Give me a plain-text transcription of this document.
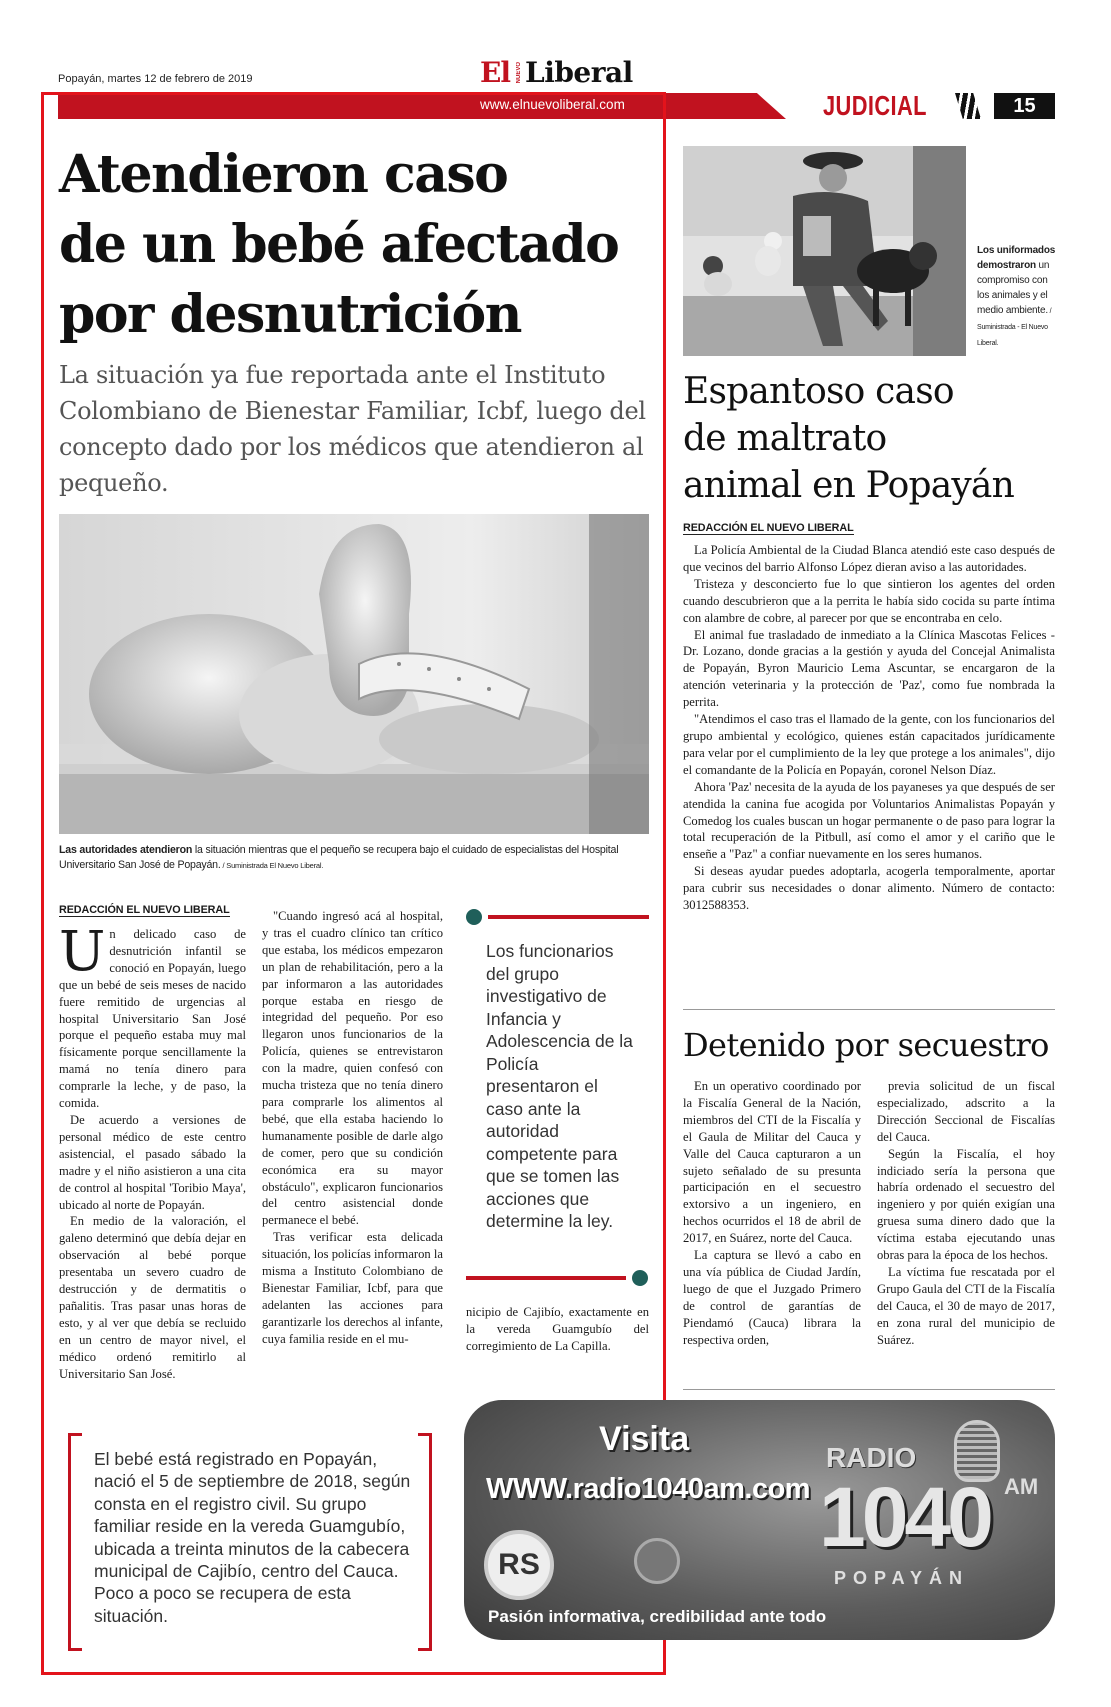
Popayán, martes 12 de febrero de 2019	El NUEVO Liberal
www.elnuevoliberal.com	JUDICIAL	15
Atendieron caso
de un bebé afectado
por desnutrición
La situación ya fue reportada ante el Instituto Colombiano de Bienestar Familiar, Icbf, luego del concepto dado por los médicos que atendieron al pequeño.
Las autoridades atendieron la situación mientras que el pequeño se recupera bajo el cuidado de especialistas del Hospital Universitario San José de Popayán. / Suministrada El Nuevo Liberal.
REDACCIÓN EL NUEVO LIBERAL
U n delicado caso de desnutrición infantil se conoció en Popayán, luego que un bebé de seis meses de nacido fuere remitido de urgencias al hospital Universitario San José porque el pequeño estaba muy mal físicamente porque sencillamente la mamá no tenía dinero para comprarle la leche, y de paso, la comida.

De acuerdo a versiones de personal médico de este centro asistencial, el pasado sábado la madre y el niño asistieron a una cita de control al hospital 'Toribio Maya', ubicado al norte de Popayán.

En medio de la valoración, el galeno determinó que debía dejar en observación al bebé porque presentaba un severo cuadro de destrucción y de dermatitis o pañalitis. Tras pasar unas horas de esto, y al ver que debía se recluido en un centro de mayor nivel, el médico ordenó remitirlo al Universitario San José.

"Cuando ingresó acá al hospital, y tras el cuadro clínico tan crítico que estaba, los médicos empezaron un plan de rehabilitación, pero a la par informaron a las autoridades porque estaba en riesgo de integridad del pequeño. Por eso llegaron unos funcionarios de la Policía, quienes se entrevistaron con la madre, quien confesó con mucha tristeza que no tenía dinero para comprarle los alimentos al bebé, que ella estaba haciendo lo humanamente posible de darle algo de comer, pero que su condición económica era su mayor obstáculo", explicaron funcionarios del centro asistencial donde permanece el bebé.

Tras verificar esta delicada situación, los policías informaron la misma a Instituto Colombiano de Bienestar Familiar, Icbf, para que adelanten las acciones para garantizarle los derechos al infante, cuya familia reside en el mu-

Los funcionarios del grupo investigativo de Infancia y Adolescencia de la Policía presentaron el caso ante la autoridad competente para que se tomen las acciones que determine la ley.

nicipio de Cajibío, exactamente en la vereda Guamgubío del corregimiento de La Capilla.

El bebé está registrado en Popayán, nació el 5 de septiembre de 2018, según consta en el registro civil. Su grupo familiar reside en la vereda Guamgubío, ubicada a treinta minutos de la cabecera municipal de Cajibío, centro del Cauca. Poco a poco se recupera de esta situación.
Los uniformados demostraron un compromiso con los animales y el medio ambiente. / Suministrada - El Nuevo Liberal.
Espantoso caso
de maltrato
animal en Popayán
REDACCIÓN EL NUEVO LIBERAL

La Policía Ambiental de la Ciudad Blanca atendió este caso después de que vecinos del barrio Alfonso López dieran aviso a las autoridades.

Tristeza y desconcierto fue lo que sintieron los agentes del orden cuando descubrieron que a la perrita le había sido cocida su parte íntima con alambre de cobre, al parecer por que se encontraba en celo.

El animal fue trasladado de inmediato a la Clínica Mascotas Felices - Dr. Lozano, donde gracias a la gestión y ayuda del Concejal Animalista de Popayán, Byron Mauricio Lema Ascuntar, se encargaron de la atención veterinaria y la protección de 'Paz', como fue nombrada la perrita.

"Atendimos el caso tras el llamado de la gente, con los funcionarios del grupo ambiental y ecológico, quienes están capacitados jurídicamente para velar por el cumplimiento de la ley que protege a los animales", dijo el comandante de la Policía en Popayán, coronel Nelson Díaz.

Ahora 'Paz' necesita de la ayuda de los payaneses ya que después de ser atendida la canina fue acogida por Voluntarios Animalistas Popayán y Comedog los cuales buscan un hogar permanente o de paso para lograr la total recuperación de la Pitbull, así como el amor y el cariño que le enseñe a "Paz" a confiar nuevamente en los seres humanos.

Si deseas ayudar puedes adoptarla, acogerla temporalmente, aportar para cubrir sus necesidades o donar alimento. Número de contacto: 3012588353.

Detenido por secuestro

En un operativo coordinado por la Fiscalía General de la Nación, miembros del CTI de la Fiscalía y el Gaula de Militar del Cauca y Valle del Cauca capturaron a un sujeto señalado de su presunta participación en el secuestro extorsivo a un ingeniero, en hechos ocurridos el 18 de abril de 2017, en Suárez, norte del Cauca.

La captura se llevó a cabo en una vía pública de Ciudad Jardín, luego de que el Juzgado Primero de control de garantías de Piendamó (Cauca) librara la respectiva orden,

previa solicitud de un fiscal especializado, adscrito a la Dirección Seccional de Fiscalías del Cauca.

Según la Fiscalía, el hoy indiciado sería la persona que habría ordenado el secuestro del ingeniero y por quién exigían una gruesa suma dinero dado que la víctima estaba ejecutando unas obras para la época de los hechos.

La víctima fue rescatada por el Grupo Gaula del CTI de la Fiscalía del Cauca, el 30 de mayo de 2017, en zona rural del municipio de Suárez.

Visita
WWW.radio1040am.com
RADIO
1040 AM
POPAYÁN
RS
Pasión informativa, credibilidad ante todo
